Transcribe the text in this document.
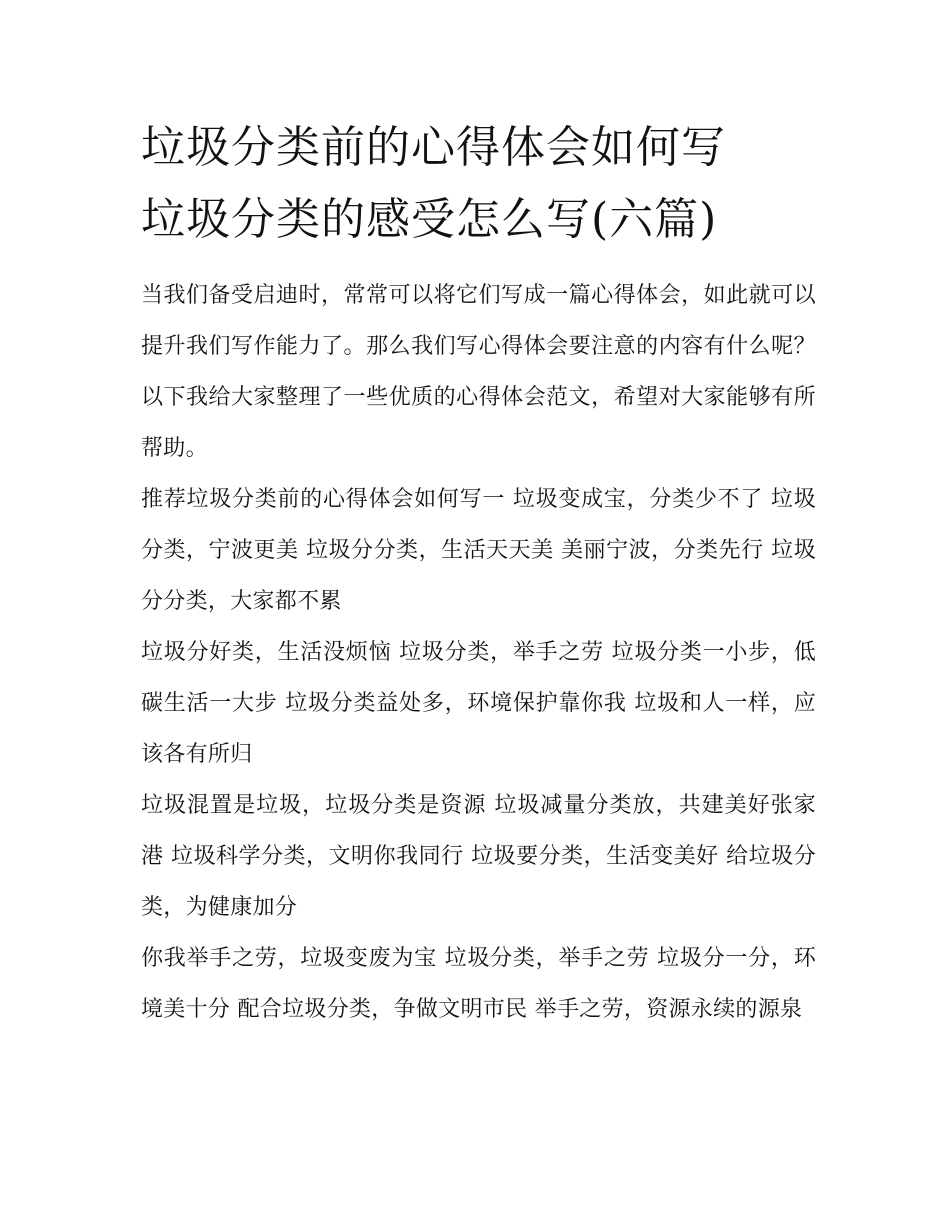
垃圾分类前的心得体会如何写
垃圾分类的感受怎么写(六篇)

当我们备受启迪时，常常可以将它们写成一篇心得体会，如此就可以提升我们写作能力了。那么我们写心得体会要注意的内容有什么呢？以下我给大家整理了一些优质的心得体会范文，希望对大家能够有所帮助。

推荐垃圾分类前的心得体会如何写一 垃圾变成宝，分类少不了 垃圾分类，宁波更美 垃圾分分类，生活天天美 美丽宁波，分类先行 垃圾分分类，大家都不累

垃圾分好类，生活没烦恼 垃圾分类，举手之劳 垃圾分类一小步，低碳生活一大步 垃圾分类益处多，环境保护靠你我 垃圾和人一样，应该各有所归

垃圾混置是垃圾，垃圾分类是资源 垃圾减量分类放，共建美好张家港 垃圾科学分类，文明你我同行 垃圾要分类，生活变美好 给垃圾分类，为健康加分

你我举手之劳，垃圾变废为宝 垃圾分类，举手之劳 垃圾分一分，环境美十分 配合垃圾分类，争做文明市民 举手之劳，资源永续的源泉
